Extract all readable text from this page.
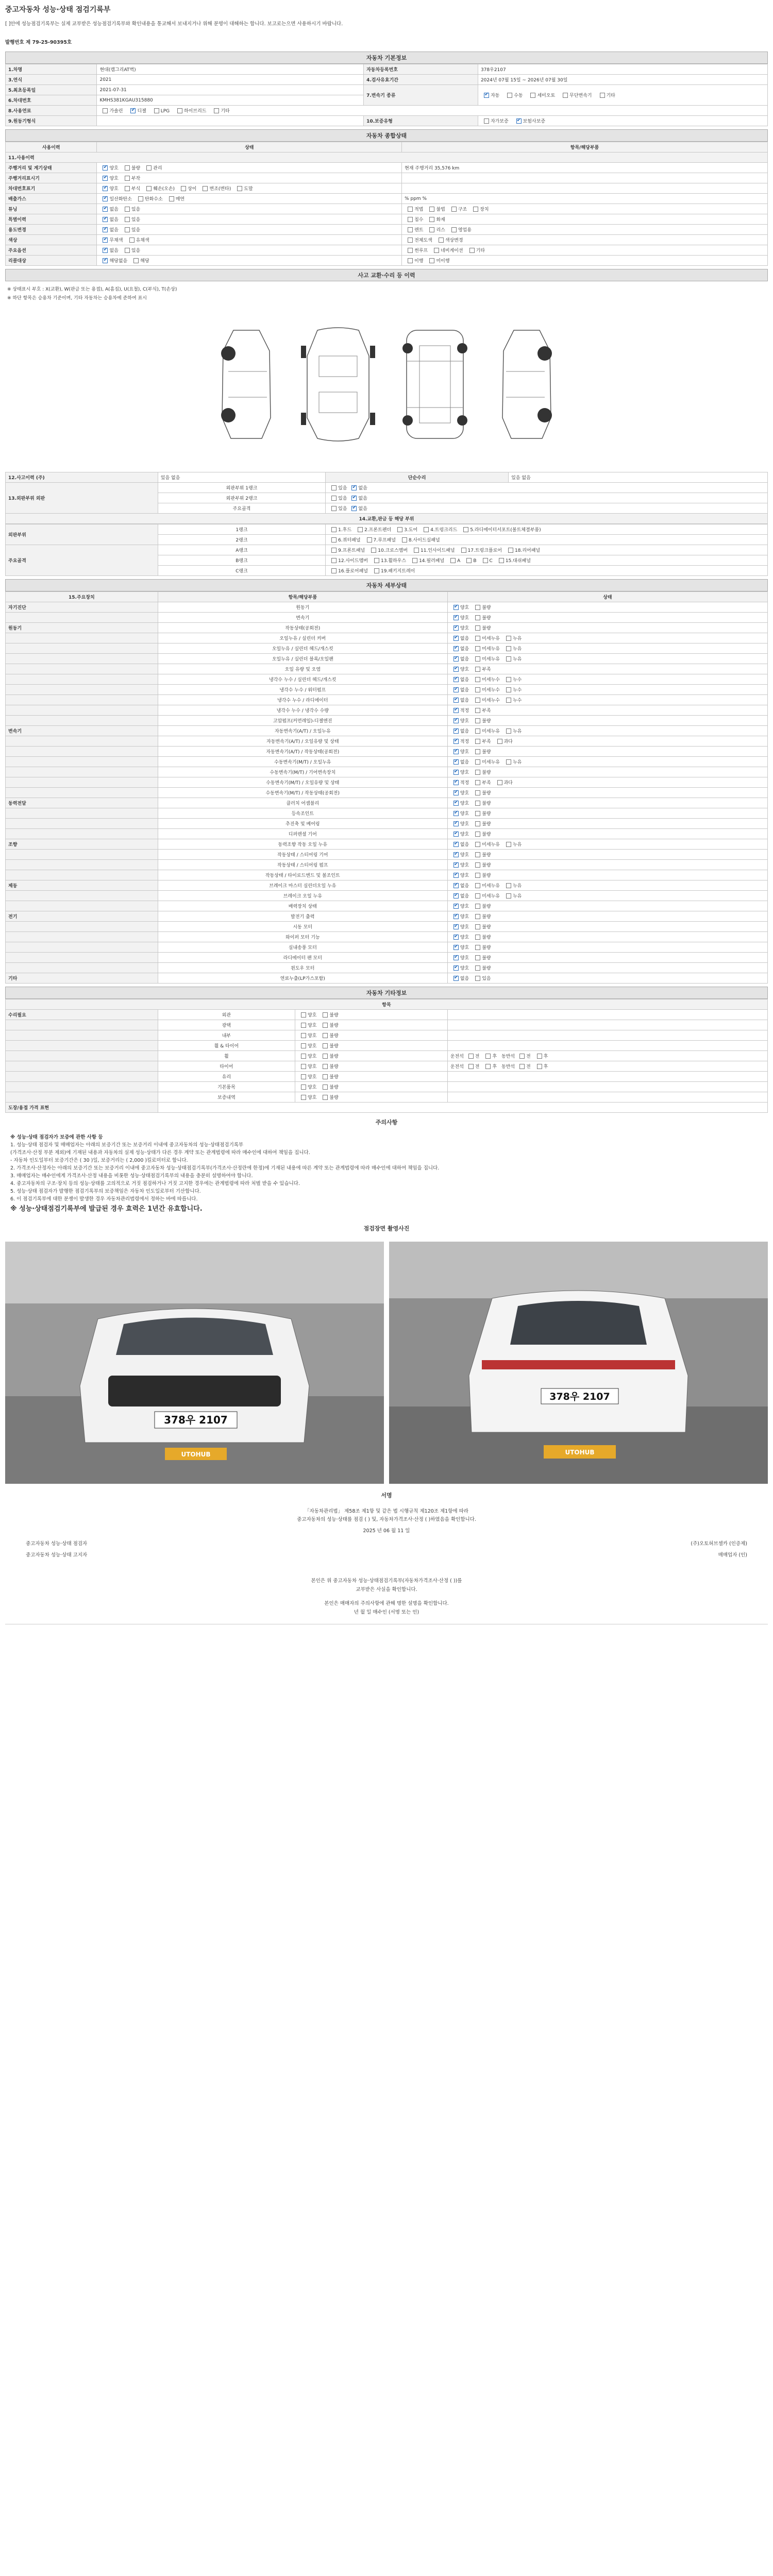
중고자동차 성능·상태 점검기록부
[ ]안에 성능점검기록부는 실제 교부받은 성능점검기록부와 확인내용을 통교해서 보내지거나 위해 분명이 대해하는 합니다. 보고로는으면 사용하시기 바랍니다.
발행번호 제 79-25-90395호
자동차 기본정보
1.차명	현대(캠그리AT벽)	자동차등록번호	378우2107
3.연식	2021	4.검사유효기간	2024년 07월 15일 ~ 2026년 07월 30일
5.최초등록일	2021-07-31	7.변속기 종류	✔자동 수동 세미오토 무단변속기 기타
6.차대번호	KMHS381KGAU315880		
8.사용연료	가솔린 ✔ 디젤 LPG 하이브리드 기타
9.원동기형식		10.보증유형	자가보증 ✔ 보험사보증
자동차 종합상태
사용이력	상태	항목/해당부품
11.사용이력		
주행거리 및 계기상태	✔양호 불량 관리	현재 주행거리 35,576 km
주행거리표시기	✔양호 부작	
차대번호표기	✔양호 부식 훼손(오손) 상이 변조(변타) 도말	
배출가스	✔일산화탄소 탄화수소 매연	% ppm %
튜닝	✔없음 있음	적법 불법 구조 장치
특별이력	✔없음 있음	침수 화재
용도변경	✔없음 있음	렌트 리스 영업용
색상	✔무채색 유채색	전체도색 색상변경
주요옵션	✔없음 있음	썬루프 네비게이션 기타
리콜대상	✔해당없음 해당	이행 미이행
사고 교환·수리 등 이력
※ 상태표시 부호 : X(교환), W(판금 또는 용접), A(흠집), U(요철), C(부식), T(손상)
※ 하단 항목은 승용차 기준이며, 기타 자동차는 승용차에 준하여 표시
12.사고이력 (주)	있음 없음	단순수리	있음 없음
13.외판부위 외판	외판부위 1랭크	있음 ✔없음
	외판부위 2랭크	있음 ✔없음
	주요골격	있음 ✔없음
14.교환,판금 등 해당 부위			
외판부위	1랭크	1.후드 2.프론트펜더 3.도어 4.트렁크리드 5.라디에이터서포트(볼트체결부품)
	2랭크	6.쿼터패널 7.루프패널 8.사이드실패널
주요골격	A랭크	9.프론트패널 10.크로스멤버 11.인사이드패널 17.트렁크플로어 18.리어패널
	B랭크	12.사이드멤버 13.휠하우스 14.필러패널 A B C 15.대쉬패널
	C랭크	16.플로어패널 19.패키지트레이
자동차 세부상태
15.주요장치	항목/해당부품	상태
자기진단	원동기	✔양호 불량
	변속기	✔양호 불량
원동기	작동상태(공회전)	✔양호 불량
	오일누유 / 실린더 커버	✔없음 미세누유 누유
	오일누유 / 실린더 헤드/개스킷	✔없음 미세누유 누유
	오일누유 / 실린더 블록/오일팬	✔없음 미세누유 누유
	오일 유량 및 오염	✔양호 부족
	냉각수 누수 / 실린더 헤드/개스킷	✔없음 미세누수 누수
	냉각수 누수 / 워터펌프	✔없음 미세누수 누수
	냉각수 누수 / 라디에이터	✔없음 미세누수 누수
	냉각수 누수 / 냉각수 수량	✔적정 부족
	고압펌프(커먼레일)-디젤엔진	✔양호 불량
변속기	자동변속기(A/T) / 오일누유	✔없음 미세누유 누유
	자동변속기(A/T) / 오일유량 및 상태	✔적정 부족 과다
	자동변속기(A/T) / 작동상태(공회전)	✔양호 불량
	수동변속기(M/T) / 오일누유	✔없음 미세누유 누유
	수동변속기(M/T) / 기어변속장치	✔양호 불량
	수동변속기(M/T) / 오일유량 및 상태	✔적정 부족 과다
	수동변속기(M/T) / 작동상태(공회전)	✔양호 불량
동력전달	클러치 어셈블리	✔양호 불량
	등속조인트	✔양호 불량
	추진축 및 베어링	✔양호 불량
	디퍼렌셜 기어	✔양호 불량
조향	동력조향 작동 오일 누유	✔없음 미세누유 누유
	작동상태 / 스티어링 기어	✔양호 불량
	작동상태 / 스티어링 펌프	✔양호 불량
	작동상태 / 타이로드엔드 및 볼조인트	✔양호 불량
제동	브레이크 마스터 실린더오일 누유	✔없음 미세누유 누유
	브레이크 오일 누유	✔없음 미세누유 누유
	배력장치 상태	✔양호 불량
전기	발전기 출력	✔양호 불량
	시동 모터	✔양호 불량
	와이퍼 모터 기능	✔양호 불량
	실내송풍 모터	✔양호 불량
	라디에이터 팬 모터	✔양호 불량
	윈도우 모터	✔양호 불량
기타	연료누출(LP가스포함)	✔없음 있음
자동차 기타정보
항목			
수리필요	외관	양호 불량	
	광택	양호 불량	
	내부	양호 불량	
	휠 & 타이어	양호 불량	
	휠	양호 불량	운전석 전 후 동반석 전 후
	타이어	양호 불량	운전석 전 후 동반석 전 후
	유리	양호 불량	
	기본품목	양호 불량	
	보증내역	양호 불량	
도장/용접 가격 표현			
주의사항

※ 성능·상태 점검자가 보증에 관한 사항 등

1. 성능·상태 점검자 및 매매업자는 아래의 보증기간 또는 보증거리 이내에 중고자동차의 성능·상태점검기록부

(가격조사·산정 부분 제외)에 기재된 내용과 자동차의 실제 성능·상태가 다른 경우 계약 또는 관계법령에 따라 매수인에 대하여 책임을 집니다.

- 자동차 인도일부터 보증기간은 ( 30 )일, 보증거리는 ( 2,000 )킬로미터로 합니다.

2. 가격조사·산정자는 아래의 보증기간 또는 보증거리 이내에 중고자동차 성능·상태점검기록부(가격조사·산정란에 한정)에 기재된 내용에 따른 계약 또는 관계법령에 따라 매수인에 대하여 책임을 집니다.

3. 매매업자는 매수인에게 가격조사·산정 내용을 비롯한 성능·상태점검기록부의 내용을 충분히 설명하여야 합니다.

4. 중고자동차의 구조·장치 등의 성능·상태를 고의적으로 거짓 점검하거나 거짓 고지한 경우에는 관계법령에 따라 처벌 받을 수 있습니다.

5. 성능·상태 점검자가 발행한 점검기록부의 보증책임은 자동차 인도일로부터 기산합니다.

6. 이 점검기록부에 대한 분쟁이 발생한 경우 자동차관리법령에서 정하는 바에 따릅니다.

※ 성능·상태점검기록부에 발급된 경우 효력은 1년간 유효합니다.

점검장면 촬영사진
378우 2107
UTOHUB
378우 2107
UTOHUB
서명
「자동차관리법」 제58조 제1항 및 같은 법 시행규칙 제120조 제1항에 따라
중고자동차의 성능·상태를 점검 ( ) 및, 자동차가격조사·산정 ( )하였음을 확인합니다.
2025 년 06 월 11 일
중고자동차 성능·상태 점검자	(주)오토허브셀카 (인증제)
중고자동차 성능·상태 고지자	매매업자 (인)
본인은 위 중고자동차 성능·상태점검기록부(자동차가격조사·산정 ( ))를
교부받은 사실을 확인합니다.
본인은 매매자의 주의사항에 관해 명한 설명을 확인합니다.
년 월 일 매수인 (서명 또는 인)
